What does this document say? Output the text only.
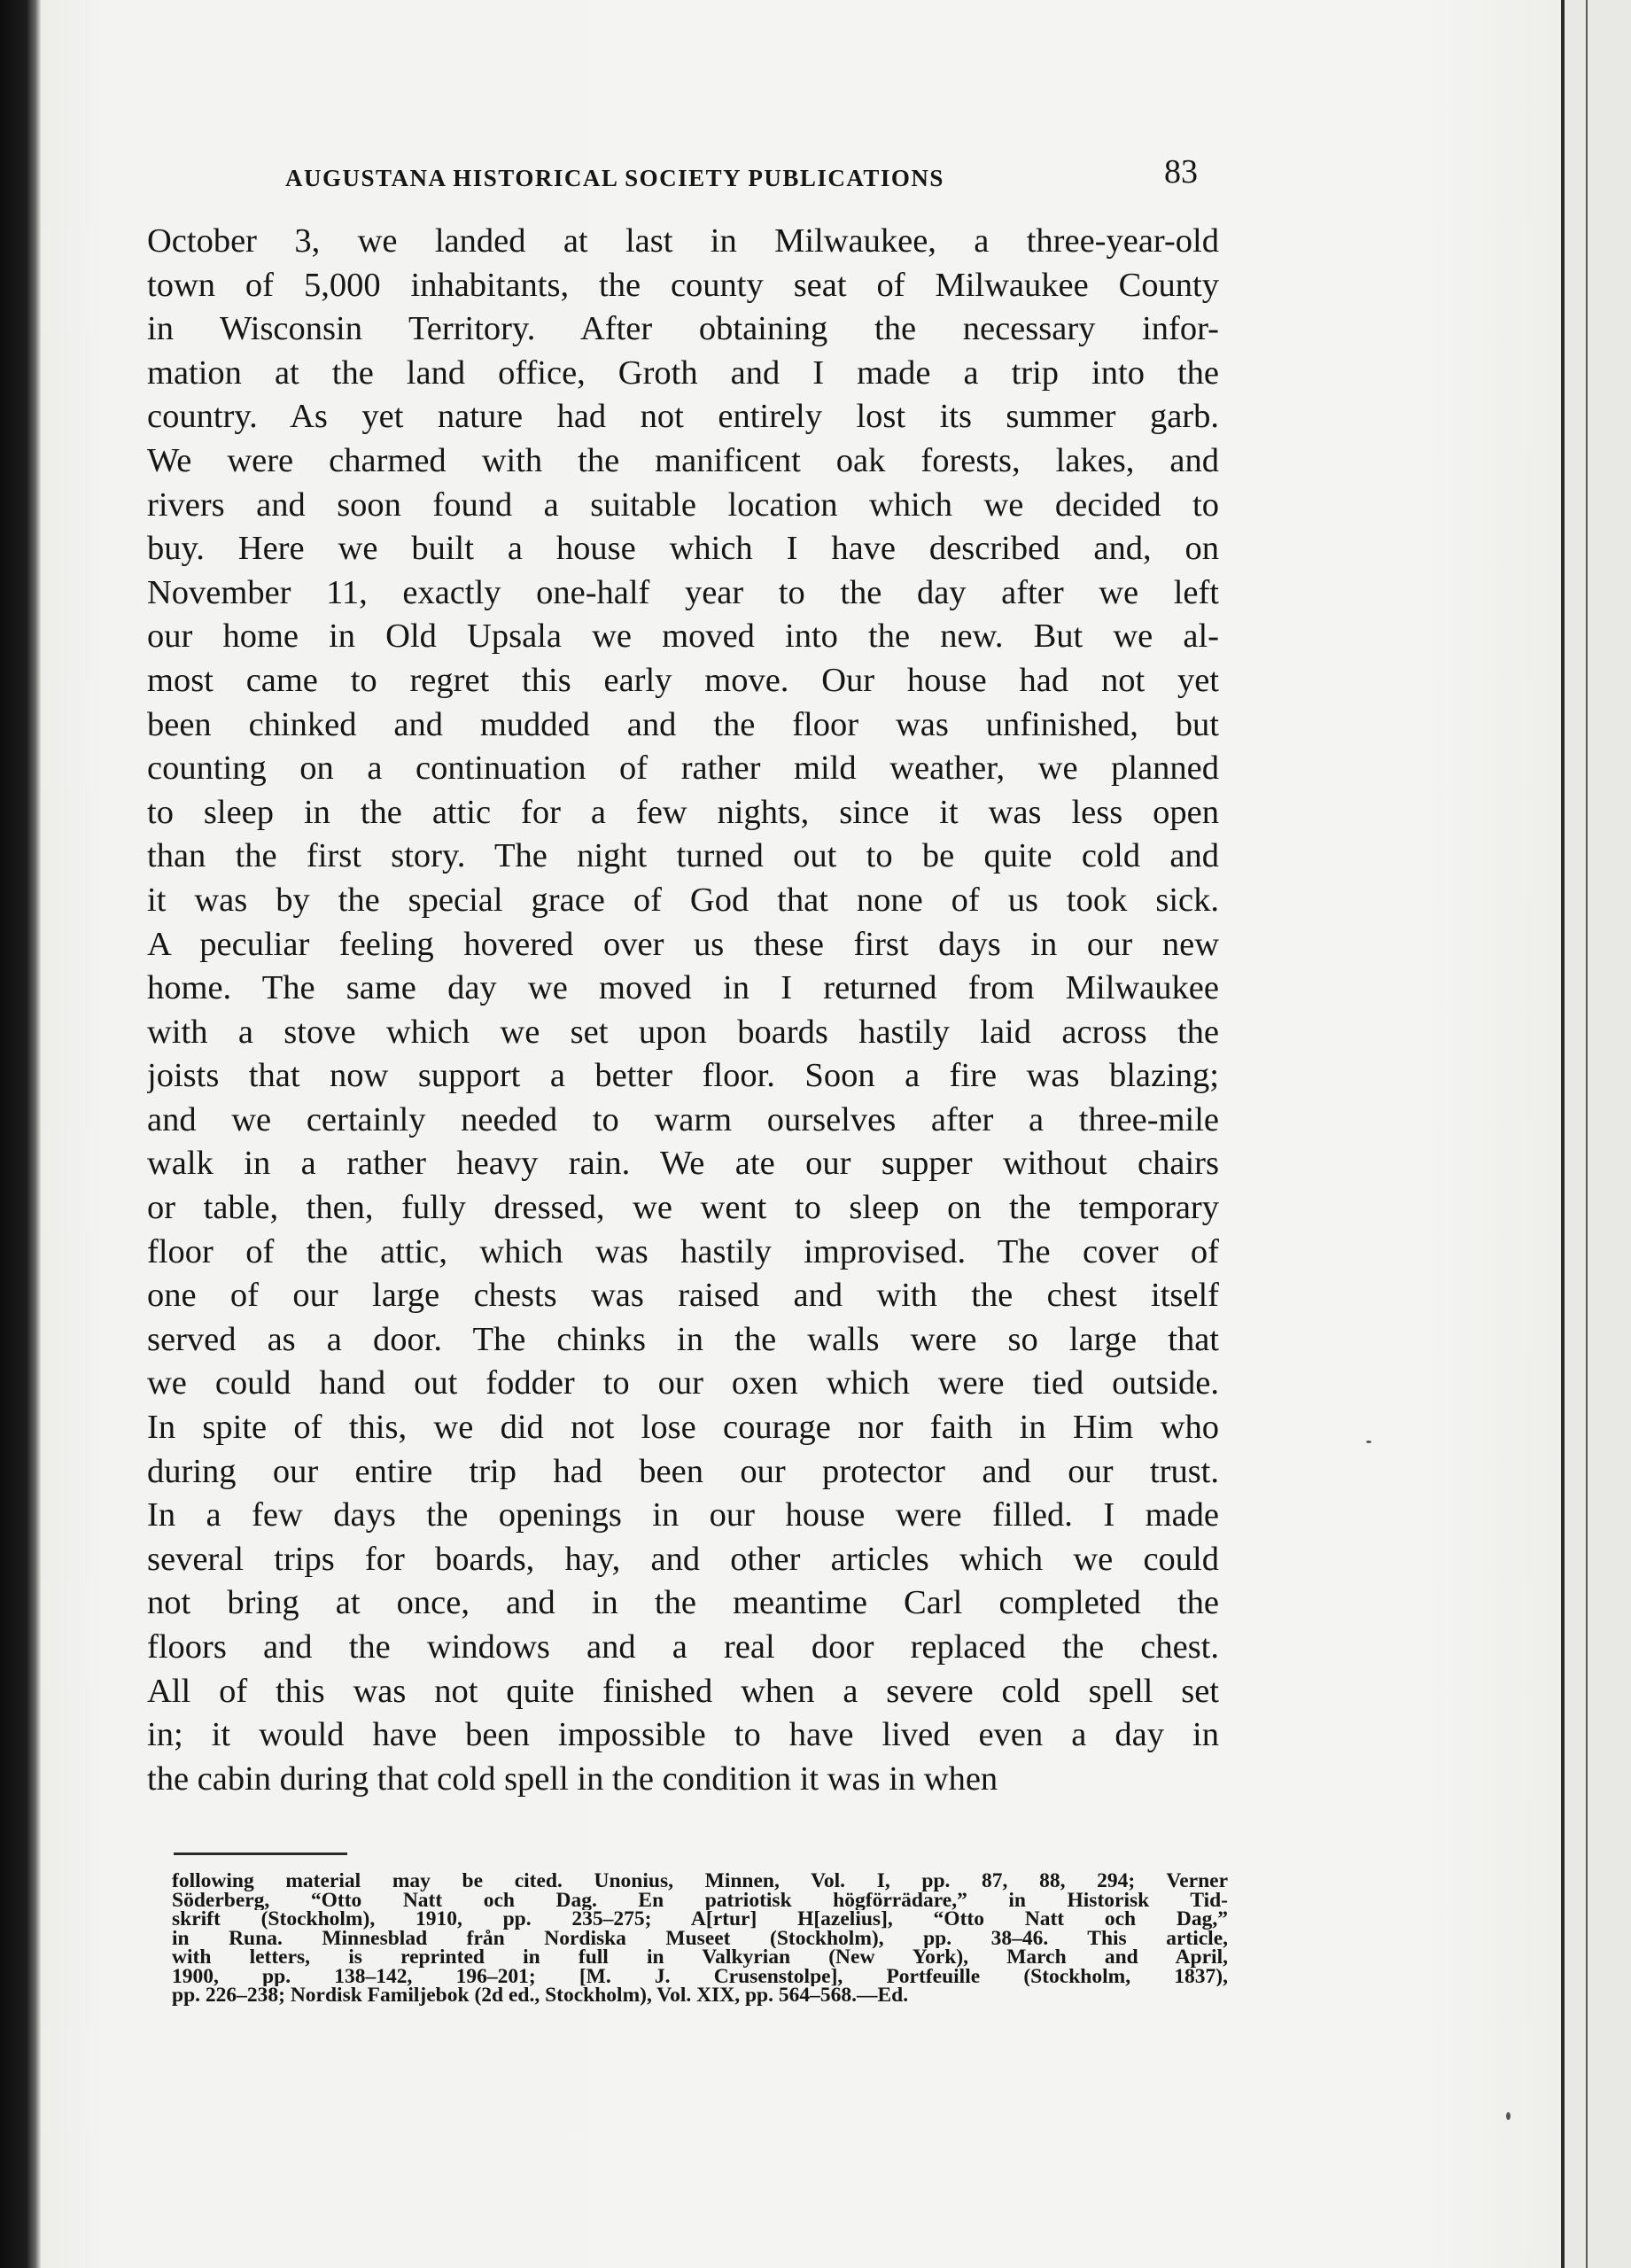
AUGUSTANA HISTORICAL SOCIETY PUBLICATIONS	83
October 3, we landed at last in Milwaukee, a three-year-old
town of 5,000 inhabitants, the county seat of Milwaukee County
in Wisconsin Territory. After obtaining the necessary infor-
mation at the land office, Groth and I made a trip into the
country. As yet nature had not entirely lost its summer garb.
We were charmed with the manificent oak forests, lakes, and
rivers and soon found a suitable location which we decided to
buy. Here we built a house which I have described and, on
November 11, exactly one-half year to the day after we left
our home in Old Upsala we moved into the new. But we al-
most came to regret this early move. Our house had not yet
been chinked and mudded and the floor was unfinished, but
counting on a continuation of rather mild weather, we planned
to sleep in the attic for a few nights, since it was less open
than the first story. The night turned out to be quite cold and
it was by the special grace of God that none of us took sick.
A peculiar feeling hovered over us these first days in our new
home. The same day we moved in I returned from Milwaukee
with a stove which we set upon boards hastily laid across the
joists that now support a better floor. Soon a fire was blazing;
and we certainly needed to warm ourselves after a three-mile
walk in a rather heavy rain. We ate our supper without chairs
or table, then, fully dressed, we went to sleep on the temporary
floor of the attic, which was hastily improvised. The cover of
one of our large chests was raised and with the chest itself
served as a door. The chinks in the walls were so large that
we could hand out fodder to our oxen which were tied outside.
In spite of this, we did not lose courage nor faith in Him who
during our entire trip had been our protector and our trust.
In a few days the openings in our house were filled. I made
several trips for boards, hay, and other articles which we could
not bring at once, and in the meantime Carl completed the
floors and the windows and a real door replaced the chest.
All of this was not quite finished when a severe cold spell set
in; it would have been impossible to have lived even a day in
the cabin during that cold spell in the condition it was in when
following material may be cited. Unonius, Minnen, Vol. I, pp. 87, 88, 294; Verner
Söderberg, “Otto Natt och Dag. En patriotisk högförrädare,” in Historisk Tid-
skrift (Stockholm), 1910, pp. 235–275; A[rtur] H[azelius], “Otto Natt och Dag,”
in Runa. Minnesblad från Nordiska Museet (Stockholm), pp. 38–46. This article,
with letters, is reprinted in full in Valkyrian (New York), March and April,
1900, pp. 138–142, 196–201; [M. J. Crusenstolpe], Portfeuille (Stockholm, 1837),
pp. 226–238; Nordisk Familjebok (2d ed., Stockholm), Vol. XIX, pp. 564–568.—Ed.
